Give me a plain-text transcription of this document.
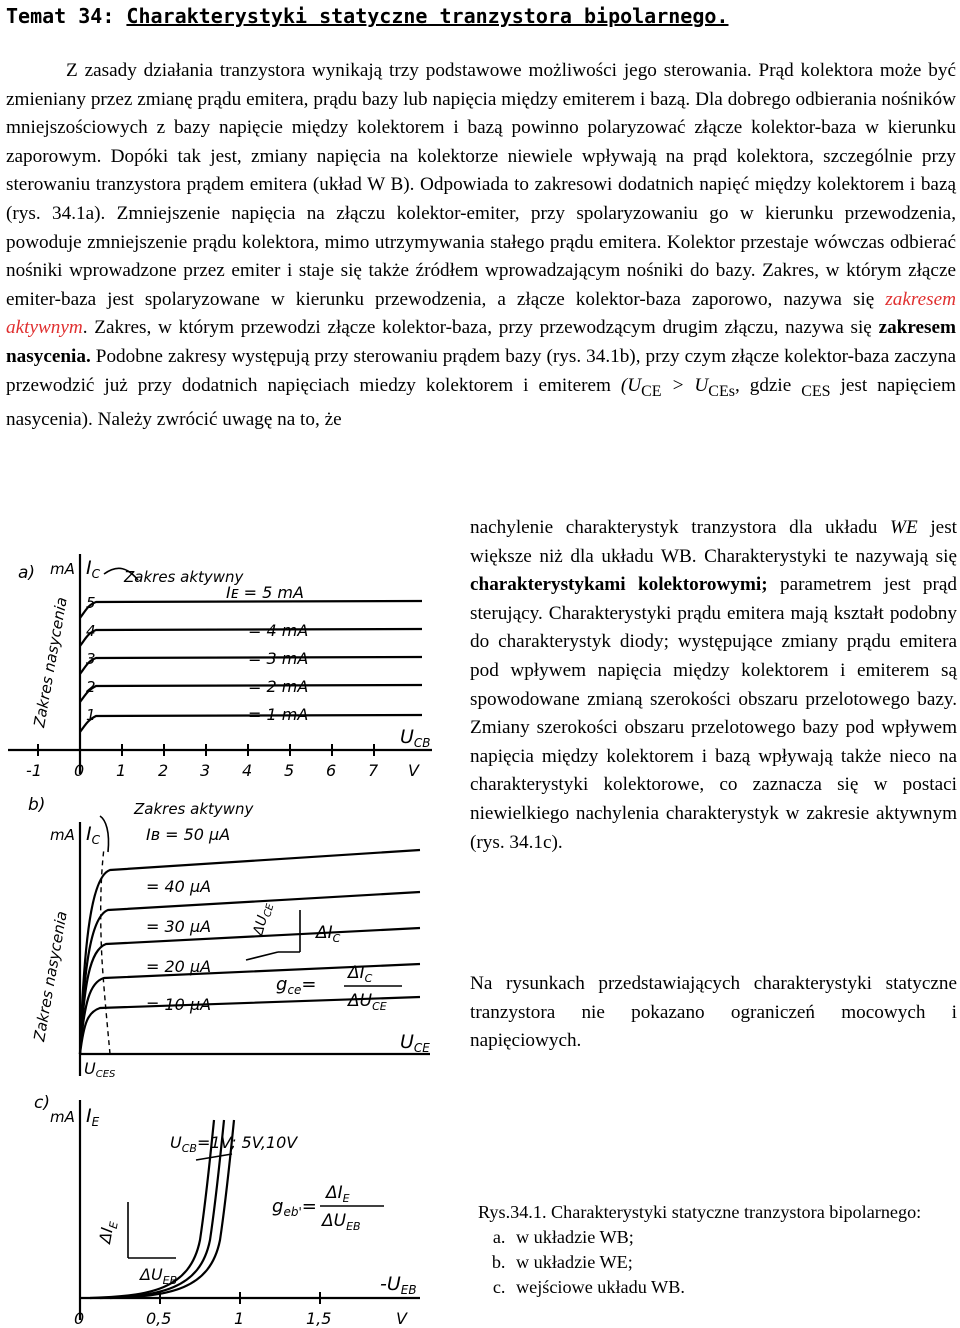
Temat 34: Charakterystyki statyczne tranzystora bipolarnego.

Z zasady działania tranzystora wynikają trzy podstawowe możliwości jego sterowania. Prąd kolektora może być zmieniany przez zmianę prądu emitera, prądu bazy lub napięcia między emiterem i bazą. Dla dobrego odbierania nośników mniejszościowych z bazy napięcie między kolektorem i bazą powinno polaryzować złącze kolektor-baza w kierunku zaporowym. Dopóki tak jest, zmiany napięcia na kolektorze niewiele wpływają na prąd kolektora, szczególnie przy sterowaniu tranzystora prądem emitera (układ W B). Odpowiada to zakresowi dodatnich napięć między kolektorem i bazą (rys. 34.1a). Zmniejszenie napięcia na złączu kolektor-emiter, przy spolaryzowaniu go w kierunku przewodzenia, powoduje zmniejszenie prądu kolektora, mimo utrzymywania stałego prądu emitera. Kolektor przestaje wówczas odbierać nośniki wprowadzone przez emiter i staje się także źródłem wprowadzającym nośniki do bazy. Zakres, w którym złącze emiter-baza jest spolaryzowane w kierunku przewodzenia, a złącze kolektor-baza zaporowo, nazywa się zakresem aktywnym. Zakres, w którym przewodzi złącze kolektor-baza, przy przewodzącym drugim złączu, nazywa się zakresem nasycenia. Podobne zakresy występują przy sterowaniu prądem bazy (rys. 34.1b), przy czym złącze kolektor-baza zaczyna przewodzić już przy dodatnich napięciach miedzy kolektorem i emiterem ($U_{CE} > U_{CEs}$, gdzie $_{CES}$ jest napięciem nasycenia). Należy zwrócić uwagę na to, że

nachylenie charakterystyk tranzystora dla układu WE jest większe niż dla układu WB. Charakterystyki te nazywają się charakterystykami kolektorowymi; parametrem jest prąd sterujący. Charakterystyki prądu emitera mają kształt podobny do charakterystyk diody; występujące zmiany prądu emitera pod wpływem napięcia między kolektorem i emiterem są spowodowane zmianą szerokości obszaru przelotowego bazy. Zmiany szerokości obszaru przelotowego bazy pod wpływem napięcia między kolektorem i bazą wpływają także nieco na charakterystyki kolektorowe, co zaznacza się w postaci niewielkiego nachylenia charakterystyk w zakresie aktywnym (rys. 34.1c).

Na rysunkach przedstawiających charakterystyki statyczne tranzystora nie pokazano ograniczeń mocowych i napięciowych.

a) mA $I_C$ Zakres aktywny
Zakres nasycenia 5
4
3
2
1
Iᴇ = 5 mA
= 4 mA
= 3 mA
= 2 mA
= 1 mA
$U_{CB}$
-1 0 1 2 3 4 5 6 7 V
b)
mA $I_C$
Zakres aktywny
Zakres nasycenia
Iʙ = 50 µA
= 40 µA
= 30 µA
= 20 µA
= 10 µA
$\Delta U_{CE}$
$\Delta I_C$
$g_{ce}=$
$\Delta I_C$
$\Delta U_{CE}$
UCES
$U_{CE}$
c)
mA $I_E$
$U_{CB}=1V$; 5V,10V
$\Delta I_E$
$\Delta U_{EB}$
$g_{eb'}=$
$\Delta I_E$
$\Delta U_{EB}$
0	0,5	1	1,5	V
$-U_{EB}$
Rys.34.1. Charakterystyki statyczne tranzystora bipolarnego:
a. w układzie WB;
b. w układzie WE;
c. wejściowe układu WB.
